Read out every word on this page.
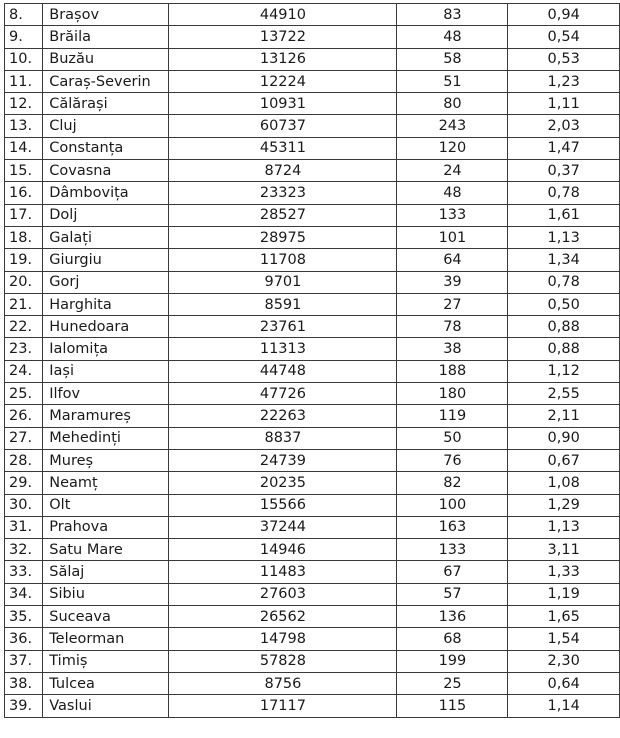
8.	Brașov	44910	83	0,94
9.	Brăila	13722	48	0,54
10.	Buzău	13126	58	0,53
11.	Caraș-Severin	12224	51	1,23
12.	Călărași	10931	80	1,11
13.	Cluj	60737	243	2,03
14.	Constanța	45311	120	1,47
15.	Covasna	8724	24	0,37
16.	Dâmbovița	23323	48	0,78
17.	Dolj	28527	133	1,61
18.	Galați	28975	101	1,13
19.	Giurgiu	11708	64	1,34
20.	Gorj	9701	39	0,78
21.	Harghita	8591	27	0,50
22.	Hunedoara	23761	78	0,88
23.	Ialomița	11313	38	0,88
24.	Iași	44748	188	1,12
25.	Ilfov	47726	180	2,55
26.	Maramureș	22263	119	2,11
27.	Mehedinți	8837	50	0,90
28.	Mureș	24739	76	0,67
29.	Neamț	20235	82	1,08
30.	Olt	15566	100	1,29
31.	Prahova	37244	163	1,13
32.	Satu Mare	14946	133	3,11
33.	Sălaj	11483	67	1,33
34.	Sibiu	27603	57	1,19
35.	Suceava	26562	136	1,65
36.	Teleorman	14798	68	1,54
37.	Timiș	57828	199	2,30
38.	Tulcea	8756	25	0,64
39.	Vaslui	17117	115	1,14
